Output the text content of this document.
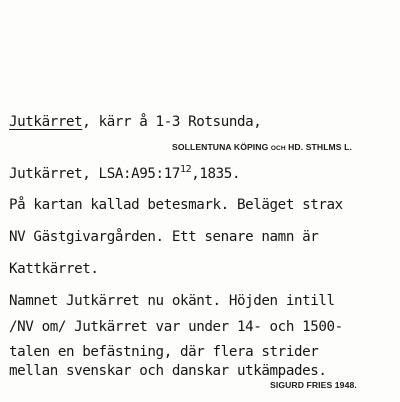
Jutkärret, kärr å 1-3 Rotsunda,
SOLLENTUNA KÖPING OCH HD. STHLMS L.
Jutkärret, $LSA:A95:17^{12},1835$.
På kartan kallad betesmark. Beläget strax
NV Gästgivargården. Ett senare namn är
Kattkärret.
Namnet Jutkärret nu okänt. Höjden intill
/NV om/ Jutkärret var under 14- och 1500-
talen en befästning, där flera strider
mellan svenskar och danskar utkämpades.
SIGURD FRIES 1948.
